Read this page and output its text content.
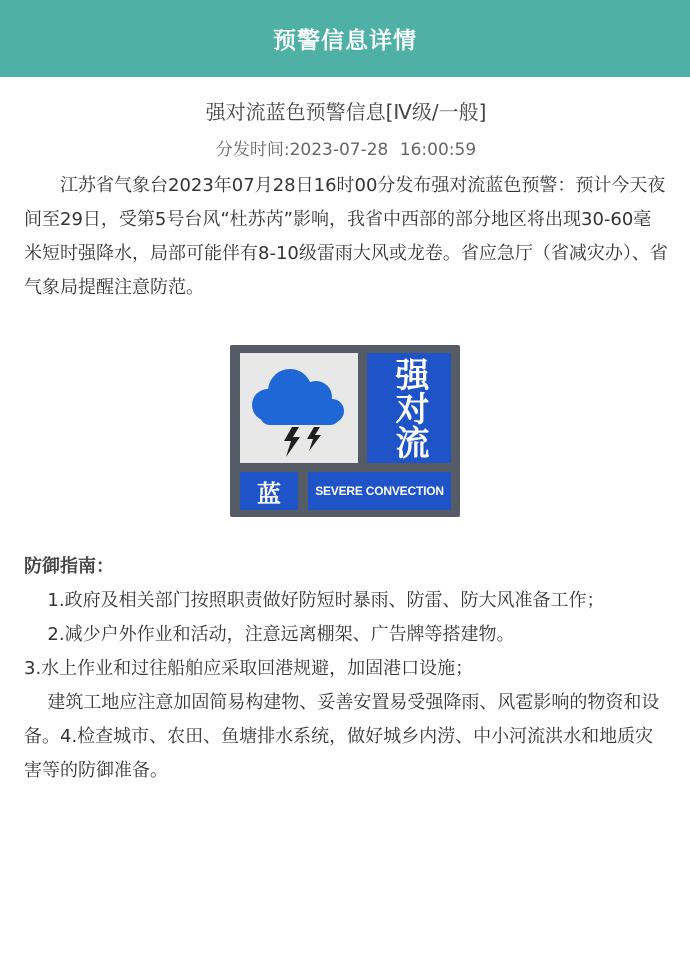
预警信息详情
强对流蓝色预警信息[Ⅳ级/一般]
分发时间:2023-07-28 16:00:59
江苏省气象台2023年07月28日16时00分发布强对流蓝色预警：预计今天夜间至29日，受第5号台风“杜苏芮”影响，我省中西部的部分地区将出现30-60毫米短时强降水，局部可能伴有8-10级雷雨大风或龙卷。省应急厅（省减灾办）、省气象局提醒注意防范。
强对流
蓝	SEVERE CONVECTION
防御指南：
1.政府及相关部门按照职责做好防短时暴雨、防雷、防大风准备工作；
2.减少户外作业和活动，注意远离棚架、广告牌等搭建物。
3.水上作业和过往船舶应采取回港规避，加固港口设施；
建筑工地应注意加固简易构建物、妥善安置易受强降雨、风雹影响的物资和设备。4.检查城市、农田、鱼塘排水系统，做好城乡内涝、中小河流洪水和地质灾害等的防御准备。
